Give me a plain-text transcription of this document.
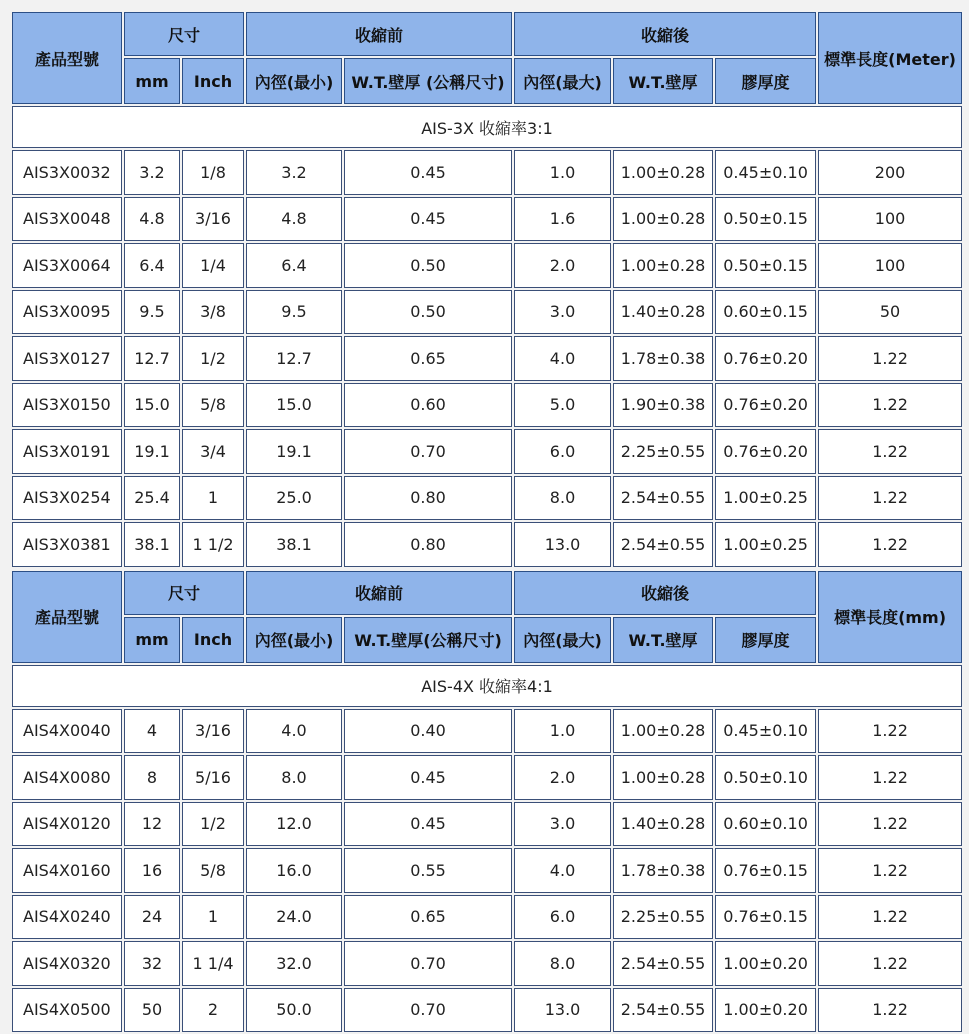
產品型號	尺寸		收縮前		收縮後			標準長度(Meter)
	mm	Inch	內徑(最小)	W.T.壁厚 (公稱尺寸)	內徑(最大)	W.T.壁厚	膠厚度	
AIS-3X 收縮率3:1								
AIS3X0032	3.2	1/8	3.2	0.45	1.0	1.00±0.28	0.45±0.10	200
AIS3X0048	4.8	3/16	4.8	0.45	1.6	1.00±0.28	0.50±0.15	100
AIS3X0064	6.4	1/4	6.4	0.50	2.0	1.00±0.28	0.50±0.15	100
AIS3X0095	9.5	3/8	9.5	0.50	3.0	1.40±0.28	0.60±0.15	50
AIS3X0127	12.7	1/2	12.7	0.65	4.0	1.78±0.38	0.76±0.20	1.22
AIS3X0150	15.0	5/8	15.0	0.60	5.0	1.90±0.38	0.76±0.20	1.22
AIS3X0191	19.1	3/4	19.1	0.70	6.0	2.25±0.55	0.76±0.20	1.22
AIS3X0254	25.4	1	25.0	0.80	8.0	2.54±0.55	1.00±0.25	1.22
AIS3X0381	38.1	1 1/2	38.1	0.80	13.0	2.54±0.55	1.00±0.25	1.22
產品型號	尺寸		收縮前		收縮後			標準長度(mm)
	mm	Inch	內徑(最小)	W.T.壁厚(公稱尺寸)	內徑(最大)	W.T.壁厚	膠厚度	
AIS-4X 收縮率4:1								
AIS4X0040	4	3/16	4.0	0.40	1.0	1.00±0.28	0.45±0.10	1.22
AIS4X0080	8	5/16	8.0	0.45	2.0	1.00±0.28	0.50±0.10	1.22
AIS4X0120	12	1/2	12.0	0.45	3.0	1.40±0.28	0.60±0.10	1.22
AIS4X0160	16	5/8	16.0	0.55	4.0	1.78±0.38	0.76±0.15	1.22
AIS4X0240	24	1	24.0	0.65	6.0	2.25±0.55	0.76±0.15	1.22
AIS4X0320	32	1 1/4	32.0	0.70	8.0	2.54±0.55	1.00±0.20	1.22
AIS4X0500	50	2	50.0	0.70	13.0	2.54±0.55	1.00±0.20	1.22
